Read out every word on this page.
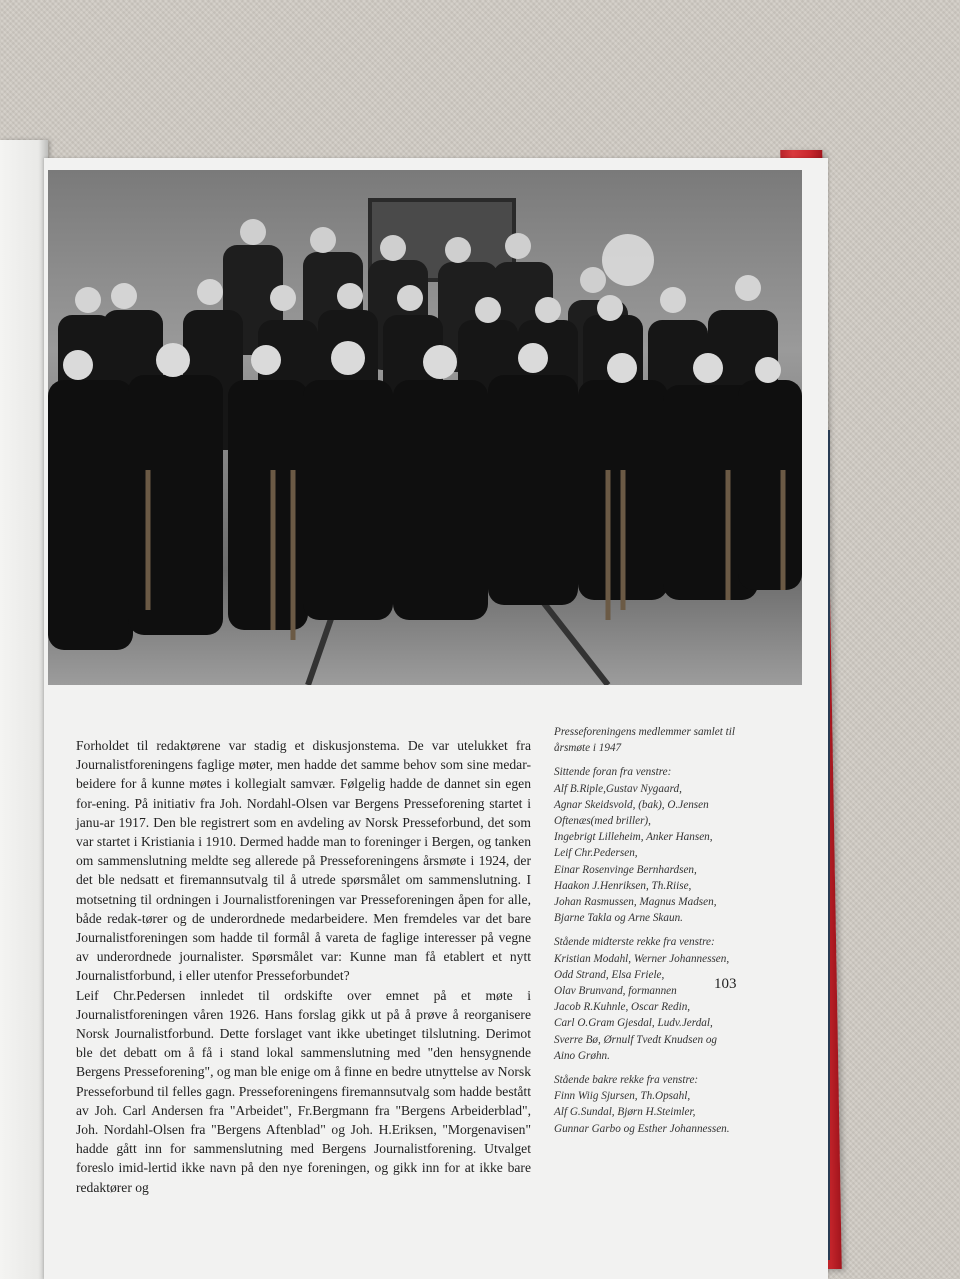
Forholdet til redaktørene var stadig et diskusjonstema. De var utelukket fra Journalistforeningens faglige møter, men hadde det samme behov som sine medar-beidere for å kunne møtes i kollegialt samvær. Følgelig hadde de dannet sin egen for-ening. På initiativ fra Joh. Nordahl-Olsen var Bergens Presseforening startet i janu-ar 1917. Den ble registrert som en avdeling av Norsk Presseforbund, det som var startet i Kristiania i 1910. Dermed hadde man to foreninger i Bergen, og tanken om sammenslutning meldte seg allerede på Presseforeningens årsmøte i 1924, der det ble nedsatt et firemannsutvalg til å utrede spørsmålet om sammenslutning. I motsetning til ordningen i Journalistforeningen var Presseforeningen åpen for alle, både redak-tører og de underordnede medarbeidere. Men fremdeles var det bare Journalistforeningen som hadde til formål å vareta de faglige interesser på vegne av underordnede journalister. Spørsmålet var: Kunne man få etablert et nytt Journalistforbund, i eller utenfor Presseforbundet?

Leif Chr.Pedersen innledet til ordskifte over emnet på et møte i Journalistforeningen våren 1926. Hans forslag gikk ut på å prøve å reorganisere Norsk Journalistforbund. Dette forslaget vant ikke ubetinget tilslutning. Derimot ble det debatt om å få i stand lokal sammenslutning med "den hensygnende Bergens Presseforening", og man ble enige om å finne en bedre utnyttelse av Norsk Presseforbund til felles gagn. Presseforeningens firemannsutvalg som hadde bestått av Joh. Carl Andersen fra "Arbeidet", Fr.Bergmann fra "Bergens Arbeiderblad", Joh. Nordahl-Olsen fra "Bergens Aftenblad" og Joh. H.Eriksen, "Morgenavisen" hadde gått inn for sammenslutning med Bergens Journalistforening. Utvalget foreslo imid-lertid ikke navn på den nye foreningen, og gikk inn for at ikke bare redaktører og

Presseforeningens medlemmer samlet til
årsmøte i 1947
Sittende foran fra venstre:
Alf B.Riple,Gustav Nygaard,
Agnar Skeidsvold, (bak), O.Jensen
Oftenæs(med briller),
Ingebrigt Lilleheim, Anker Hansen,
Leif Chr.Pedersen,
Einar Rosenvinge Bernhardsen,
Haakon J.Henriksen, Th.Riise,
Johan Rasmussen, Magnus Madsen,
Bjarne Takla og Arne Skaun.
Stående midterste rekke fra venstre:
Kristian Modahl, Werner Johannessen,
Odd Strand, Elsa Friele,
Olav Brunvand, formannen
Jacob R.Kuhnle, Oscar Redin,
Carl O.Gram Gjesdal, Ludv.Jerdal,
Sverre Bø, Ørnulf Tvedt Knudsen og
Aino Grøhn.
Stående bakre rekke fra venstre:
Finn Wiig Sjursen, Th.Opsahl,
Alf G.Sundal, Bjørn H.Steimler,
Gunnar Garbo og Esther Johannessen.
103
